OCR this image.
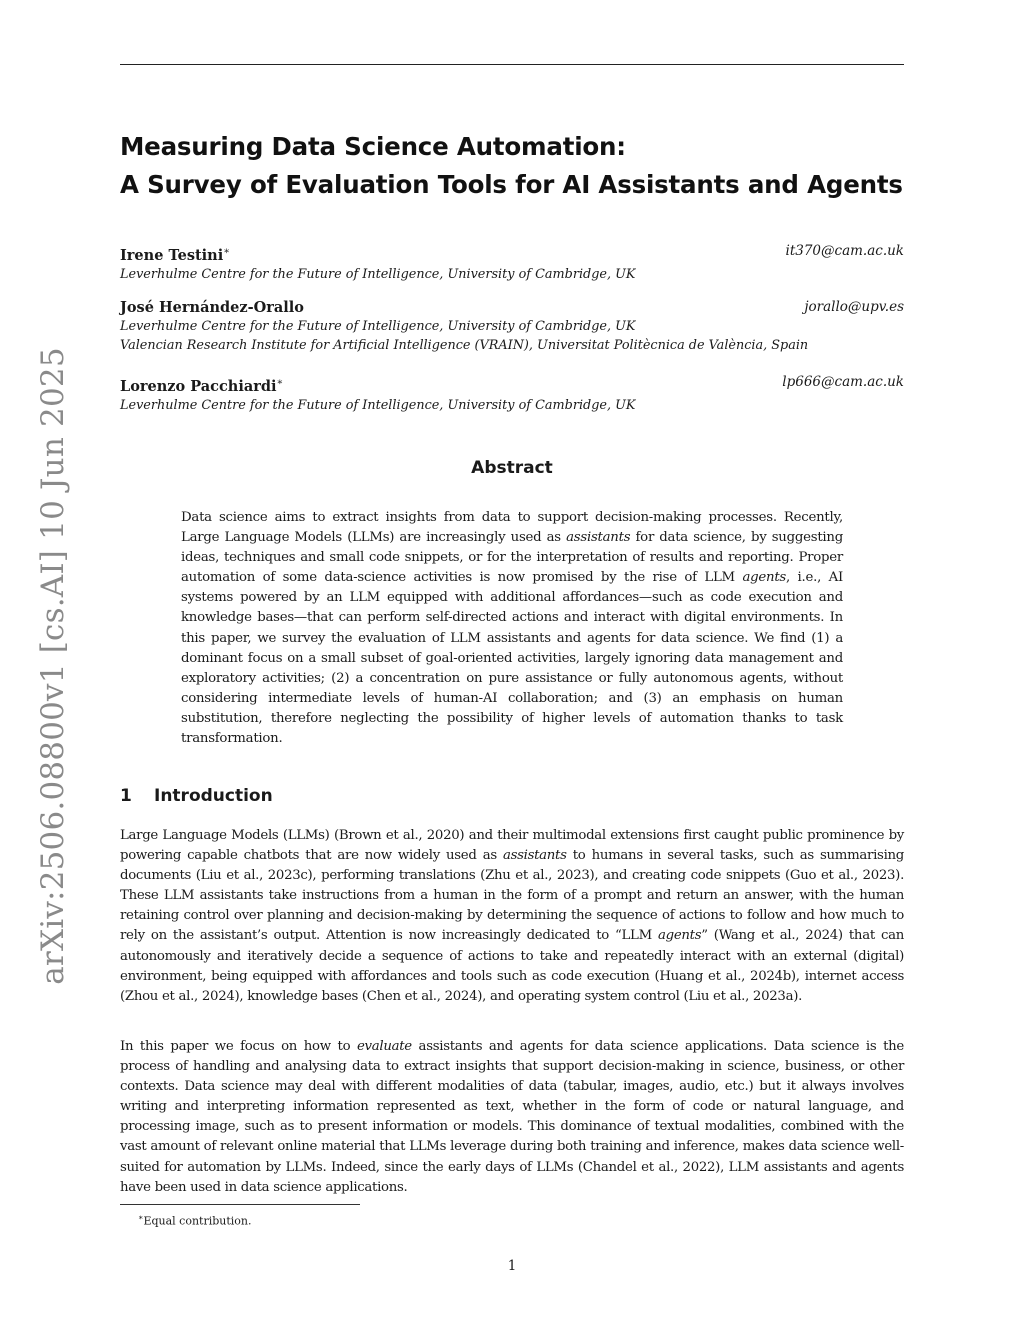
arXiv:2506.08800v1 [cs.AI] 10 Jun 2025
Measuring Data Science Automation:
A Survey of Evaluation Tools for AI Assistants and Agents
Irene Testini∗	it370@cam.ac.uk
Leverhulme Centre for the Future of Intelligence, University of Cambridge, UK
José Hernández-Orallo	jorallo@upv.es
Leverhulme Centre for the Future of Intelligence, University of Cambridge, UK
Valencian Research Institute for Artificial Intelligence (VRAIN), Universitat Politècnica de València, Spain
Lorenzo Pacchiardi∗	lp666@cam.ac.uk
Leverhulme Centre for the Future of Intelligence, University of Cambridge, UK
Abstract
Data science aims to extract insights from data to support decision-making processes. Recently, Large Language Models (LLMs) are increasingly used as assistants for data science, by suggesting ideas, techniques and small code snippets, or for the interpretation of results and reporting. Proper automation of some data-science activities is now promised by the rise of LLM agents, i.e., AI systems powered by an LLM equipped with additional affordances—such as code execution and knowledge bases—that can perform self-directed actions and interact with digital environments. In this paper, we survey the evaluation of LLM assistants and agents for data science. We find (1) a dominant focus on a small subset of goal-oriented activities, largely ignoring data management and exploratory activities; (2) a concentration on pure assistance or fully autonomous agents, without considering intermediate levels of human-AI collaboration; and (3) an emphasis on human substitution, therefore neglecting the possibility of higher levels of automation thanks to task transformation.
1 Introduction
Large Language Models (LLMs) (Brown et al., 2020) and their multimodal extensions first caught public prominence by powering capable chatbots that are now widely used as assistants to humans in several tasks, such as summarising documents (Liu et al., 2023c), performing translations (Zhu et al., 2023), and creating code snippets (Guo et al., 2023). These LLM assistants take instructions from a human in the form of a prompt and return an answer, with the human retaining control over planning and decision-making by determining the sequence of actions to follow and how much to rely on the assistant’s output. Attention is now increasingly dedicated to “LLM agents” (Wang et al., 2024) that can autonomously and iteratively decide a sequence of actions to take and repeatedly interact with an external (digital) environment, being equipped with affordances and tools such as code execution (Huang et al., 2024b), internet access (Zhou et al., 2024), knowledge bases (Chen et al., 2024), and operating system control (Liu et al., 2023a).
In this paper we focus on how to evaluate assistants and agents for data science applications. Data science is the process of handling and analysing data to extract insights that support decision-making in science, business, or other contexts. Data science may deal with different modalities of data (tabular, images, audio, etc.) but it always involves writing and interpreting information represented as text, whether in the form of code or natural language, and processing image, such as to present information or models. This dominance of textual modalities, combined with the vast amount of relevant online material that LLMs leverage during both training and inference, makes data science well-suited for automation by LLMs. Indeed, since the early days of LLMs (Chandel et al., 2022), LLM assistants and agents have been used in data science applications.
∗Equal contribution.
1
